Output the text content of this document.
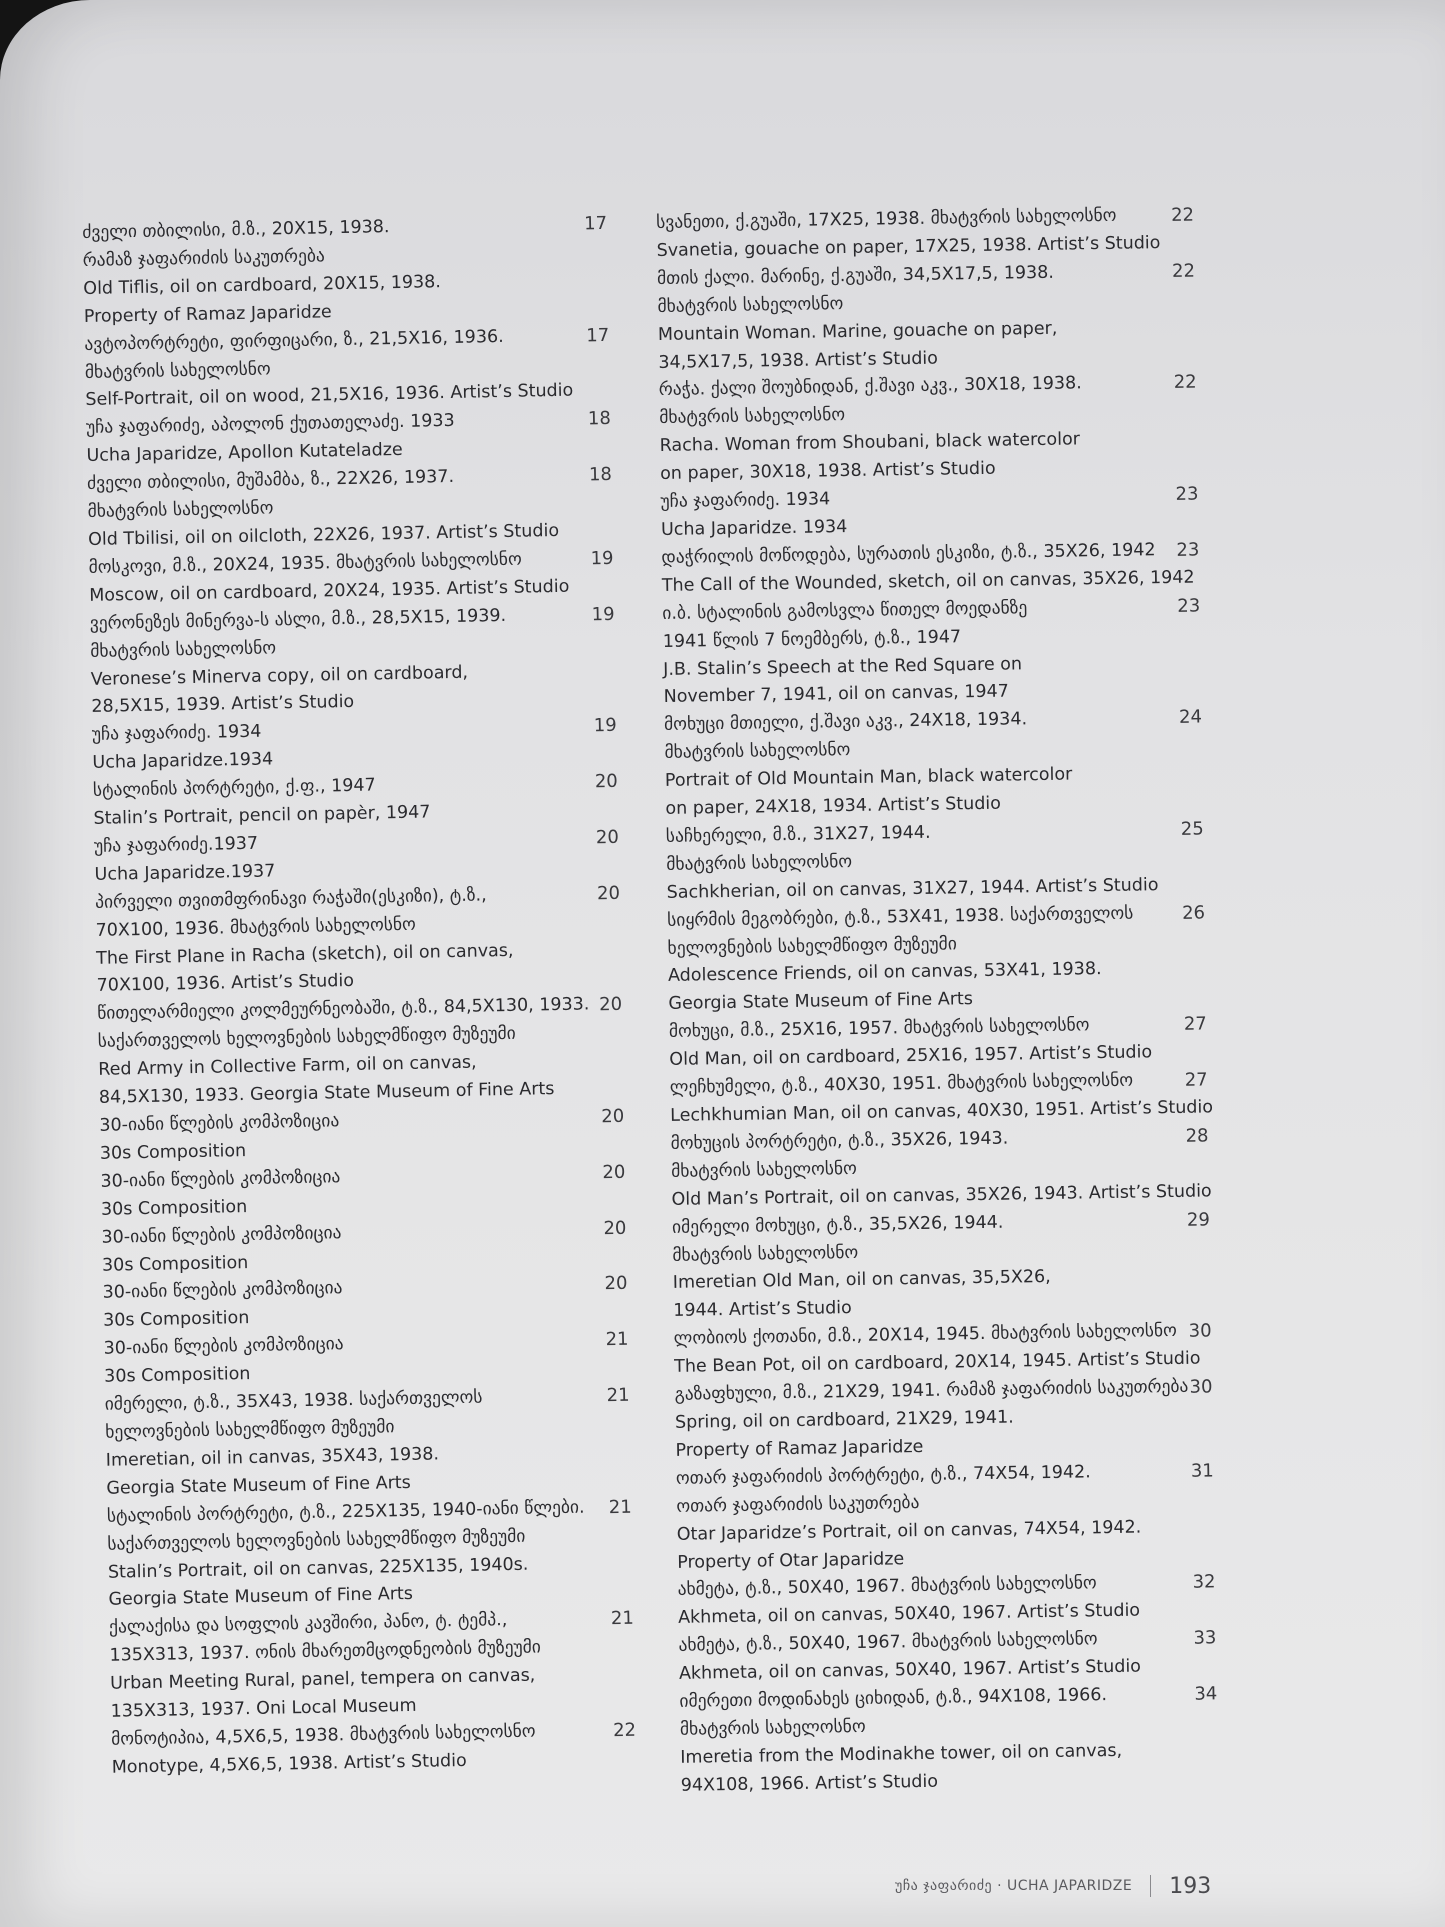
ძველი თბილისი, მ.ზ., 20X15, 1938.
რამაზ ჯაფარიძის საკუთრება
Old Tiflis, oil on cardboard, 20X15, 1938.
Property of Ramaz Japaridze
17
ავტოპორტრეტი, ფირფიცარი, ზ., 21,5X16, 1936.
მხატვრის სახელოსნო
Self-Portrait, oil on wood, 21,5X16, 1936. Artist’s Studio
17
უჩა ჯაფარიძე, აპოლონ ქუთათელაძე. 1933
Ucha Japaridze, Apollon Kutateladze
18
ძველი თბილისი, მუშამბა, ზ., 22X26, 1937.
მხატვრის სახელოსნო
Old Tbilisi, oil on oilcloth, 22X26, 1937. Artist’s Studio
18
მოსკოვი, მ.ზ., 20X24, 1935. მხატვრის სახელოსნო
Moscow, oil on cardboard, 20X24, 1935. Artist’s Studio
19
ვერონეზეს მინერვა-ს ასლი, მ.ზ., 28,5X15, 1939.
მხატვრის სახელოსნო
Veronese’s Minerva copy, oil on cardboard,
28,5X15, 1939. Artist’s Studio
19
უჩა ჯაფარიძე. 1934
Ucha Japaridze.1934
19
სტალინის პორტრეტი, ქ.ფ., 1947
Stalin’s Portrait, pencil on papèr, 1947
20
უჩა ჯაფარიძე.1937
Ucha Japaridze.1937
20
პირველი თვითმფრინავი რაჭაში(ესკიზი), ტ.ზ.,
70X100, 1936. მხატვრის სახელოსნო
The First Plane in Racha (sketch), oil on canvas,
70X100, 1936. Artist’s Studio
20
წითელარმიელი კოლმეურნეობაში, ტ.ზ., 84,5X130, 1933.
საქართველოს ხელოვნების სახელმწიფო მუზეუმი
Red Army in Collective Farm, oil on canvas,
84,5X130, 1933. Georgia State Museum of Fine Arts
20
30-იანი წლების კომპოზიცია
30s Composition
20
30-იანი წლების კომპოზიცია
30s Composition
20
30-იანი წლების კომპოზიცია
30s Composition
20
30-იანი წლების კომპოზიცია
30s Composition
20
30-იანი წლების კომპოზიცია
30s Composition
21
იმერელი, ტ.ზ., 35X43, 1938. საქართველოს
ხელოვნების სახელმწიფო მუზეუმი
Imeretian, oil in canvas, 35X43, 1938.
Georgia State Museum of Fine Arts
21
სტალინის პორტრეტი, ტ.ზ., 225X135, 1940-იანი წლები.
საქართველოს ხელოვნების სახელმწიფო მუზეუმი
Stalin’s Portrait, oil on canvas, 225X135, 1940s.
Georgia State Museum of Fine Arts
21
ქალაქისა და სოფლის კავშირი, პანო, ტ. ტემპ.,
135X313, 1937. ონის მხარეთმცოდნეობის მუზეუმი
Urban Meeting Rural, panel, tempera on canvas,
135X313, 1937. Oni Local Museum
21
მონოტიპია, 4,5X6,5, 1938. მხატვრის სახელოსნო
Monotype, 4,5X6,5, 1938. Artist’s Studio
22
სვანეთი, ქ.გუაში, 17X25, 1938. მხატვრის სახელოსნო
Svanetia, gouache on paper, 17X25, 1938. Artist’s Studio
22
მთის ქალი. მარინე, ქ.გუაში, 34,5X17,5, 1938.
მხატვრის სახელოსნო
Mountain Woman. Marine, gouache on paper,
34,5X17,5, 1938. Artist’s Studio
22
რაჭა. ქალი შოუბნიდან, ქ.შავი აკვ., 30X18, 1938.
მხატვრის სახელოსნო
Racha. Woman from Shoubani, black watercolor
on paper, 30X18, 1938. Artist’s Studio
22
უჩა ჯაფარიძე. 1934
Ucha Japaridze. 1934
23
დაჭრილის მოწოდება, სურათის ესკიზი, ტ.ზ., 35X26, 1942
The Call of the Wounded, sketch, oil on canvas, 35X26, 1942
23
ი.ბ. სტალინის გამოსვლა წითელ მოედანზე
1941 წლის 7 ნოემბერს, ტ.ზ., 1947
J.B. Stalin’s Speech at the Red Square on
November 7, 1941, oil on canvas, 1947
23
მოხუცი მთიელი, ქ.შავი აკვ., 24X18, 1934.
მხატვრის სახელოსნო
Portrait of Old Mountain Man, black watercolor
on paper, 24X18, 1934. Artist’s Studio
24
საჩხერელი, მ.ზ., 31X27, 1944.
მხატვრის სახელოსნო
Sachkherian, oil on canvas, 31X27, 1944. Artist’s Studio
25
სიყრმის მეგობრები, ტ.ზ., 53X41, 1938. საქართველოს
ხელოვნების სახელმწიფო მუზეუმი
Adolescence Friends, oil on canvas, 53X41, 1938.
Georgia State Museum of Fine Arts
26
მოხუცი, მ.ზ., 25X16, 1957. მხატვრის სახელოსნო
Old Man, oil on cardboard, 25X16, 1957. Artist’s Studio
27
ლეჩხუმელი, ტ.ზ., 40X30, 1951. მხატვრის სახელოსნო
Lechkhumian Man, oil on canvas, 40X30, 1951. Artist’s Studio
27
მოხუცის პორტრეტი, ტ.ზ., 35X26, 1943.
მხატვრის სახელოსნო
Old Man’s Portrait, oil on canvas, 35X26, 1943. Artist’s Studio
28
იმერელი მოხუცი, ტ.ზ., 35,5X26, 1944.
მხატვრის სახელოსნო
Imeretian Old Man, oil on canvas, 35,5X26,
1944. Artist’s Studio
29
ლობიოს ქოთანი, მ.ზ., 20X14, 1945. მხატვრის სახელოსნო
The Bean Pot, oil on cardboard, 20X14, 1945. Artist’s Studio
30
გაზაფხული, მ.ზ., 21X29, 1941. რამაზ ჯაფარიძის საკუთრება
Spring, oil on cardboard, 21X29, 1941.
Property of Ramaz Japaridze
30
ოთარ ჯაფარიძის პორტრეტი, ტ.ზ., 74X54, 1942.
ოთარ ჯაფარიძის საკუთრება
Otar Japaridze’s Portrait, oil on canvas, 74X54, 1942.
Property of Otar Japaridze
31
ახმეტა, ტ.ზ., 50X40, 1967. მხატვრის სახელოსნო
Akhmeta, oil on canvas, 50X40, 1967. Artist’s Studio
32
ახმეტა, ტ.ზ., 50X40, 1967. მხატვრის სახელოსნო
Akhmeta, oil on canvas, 50X40, 1967. Artist’s Studio
33
იმერეთი მოდინახეს ციხიდან, ტ.ზ., 94X108, 1966.
მხატვრის სახელოსნო
Imeretia from the Modinakhe tower, oil on canvas,
94X108, 1966. Artist’s Studio
34
უჩა ჯაფარიძე · UCHA JAPARIDZE 193
